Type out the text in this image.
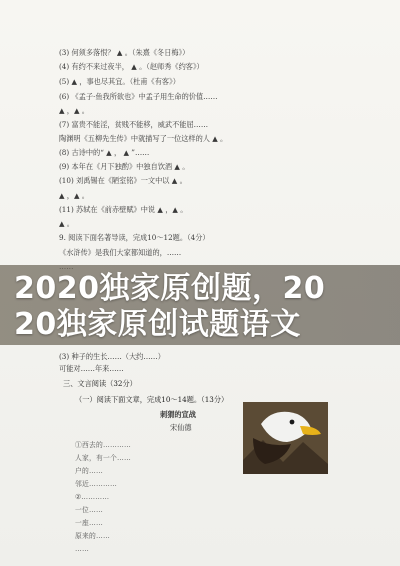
(3) 何须多落恨？ ▲ 。（朱熹《冬日梅》）
(4) 有约不来过夜半， ▲ 。（赵师秀《约客》）
(5) ▲ ，事也尽其宜。（杜甫《有客》）
(6) 《孟子·鱼我所欲也》中孟子用生命的价值……
▲ ，▲ 。
(7) 富贵不能淫，贫贱不能移，威武不能屈……
陶渊明《五柳先生传》中就描写了一位这样的人 ▲ 。
(8) 古诗中的“ ▲ ， ▲ ”……
(9) 本年在《月下独酌》中独自饮酒 ▲ 。
(10) 刘禹锡在《陋室铭》一文中以 ▲ 。
▲ ，▲ 。
(11) 苏轼在《前赤壁赋》中说 ▲ ，▲ 。
▲ 。
9. 阅读下面名著导读，完成10～12题。（4分）
《水浒传》是我们大家都知道的，……
(3) 种子的生长……（大约……）
可能对……年来……
2020独家原创题，20
20独家原创试题语文
三、文言阅读（32分）
（一）阅读下面文章，完成10～14题。（13分）
刺猬的宣战
宋仙德
①西去的…………
人家，有一个……
户的……
邻近…………
②…………
一位……
一座……
原来的……
……
